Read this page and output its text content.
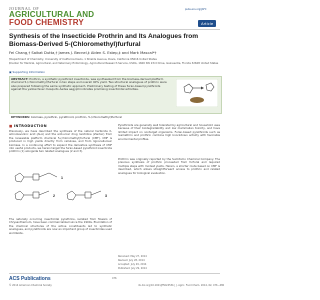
JOURNAL OF
AGRICULTURAL AND
FOOD CHEMISTRY	Article
pubs.acs.org/JAFC
Synthesis of the Insecticide Prothrin and Its Analogues from Biomass-Derived 5-(Chloromethyl)furfural
Fei Chang,† Saikat Dutta,† James J. Becnel,‡ Alden S. Estep,‡ and Mark Mascal*†
†Department of Chemistry, University of California Davis, 1 Shields Avenue, Davis, California 95616 United States
‡Center for Medical, Agricultural, and Veterinary Entomology, Agricultural Research Service, USDA, 1600 SW 23rd Drive, Gainesville, Florida 32608 United States
▣ Supporting Information
ABSTRACT: Prothrin, a synthetic pyrethroid insecticide, was synthesized from the biomass-derived platform chemical 5-(chloromethyl)furfural in ten steps and overall 40% yield. Two structural analogues of prothrin were also prepared following the same synthetic approach. Preliminary testing of these furan-based pyrethroids against the yellow fever mosquito Aedes aegypti indicates promising insecticidal activities.
KEYWORDS: biomass, pyrethrin, pyrethroid, prothrin, 5-(chloromethyl)furfural
■ INTRODUCTION
Previously, we have described the synthesis of the natural herbicide δ-aminolevulinic acid (ALA) and the anti-ulcer drug ranitidine (Zantac) from the renewable platform chemical 5-(chloromethyl)furfural (CMF). CMF is produced in high yields directly from cellulose, and from lignocellulosic biomass. In a continuing effort to expand the derivative synthesis of CMF into useful products, we herein target the furan-based pyrethroid insecticide prothrin (1) alongside two related analogues (2 and 3).
1
2	3
The naturally occurring insecticidal pyrethrins, isolated from flowers of Chrysanthemum, have been commercialized since the 1900s. Elucidation of the chemical structures of the active constituents led to synthetic analogues, and pyrethroids are now an important group of insecticides used worldwide.
Pyrethroids are generally well tolerated by agricultural and household uses because of their biodegradability and low mammalian toxicity, and have limited impact on nontarget organisms. Furan-based pyrethroids such as resmethrin and prothrin combine high knockdown activity with favorable environmental profiles.
Prothrin was originally reported by the Sumitomo Chemical Company. The previous synthesis of prothrin proceeded from furfural and required multiple steps with modest yields. Herein, a shorter route based on CMF is described, which allows straightforward access to prothrin and related analogues for biological evaluation.
Received: May 27, 2014
Revised: July 28, 2014
Accepted: July 29, 2014
Published: July 29, 2014
ACS Publications
© 2014 American Chemical Society
476
dx.doi.org/10.1021/jf502453b | J. Agric. Food Chem. 2014, 62, 476−480
